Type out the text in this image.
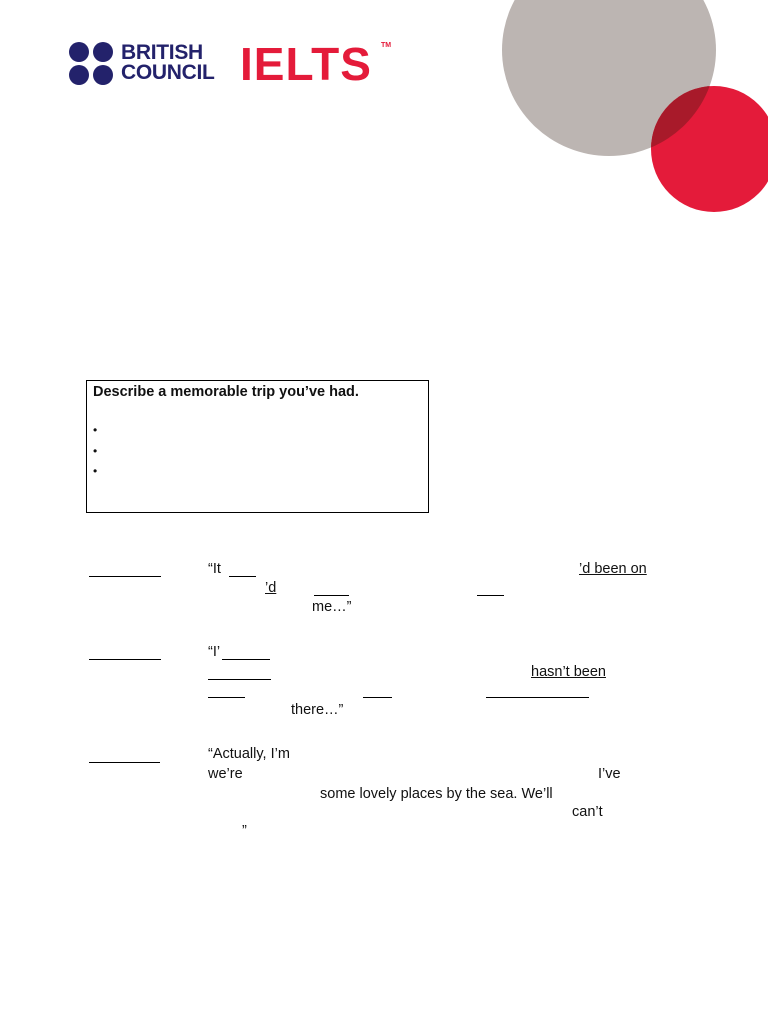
BRITISH
COUNCIL IELTS TM
Describe a memorable trip you’ve had.
•
•
•
“It	’d been on
’d
me…”
“I’
hasn’t been
there…”
“Actually, I’m
we’re	I’ve
some lovely places by the sea. We’ll
can’t
”
